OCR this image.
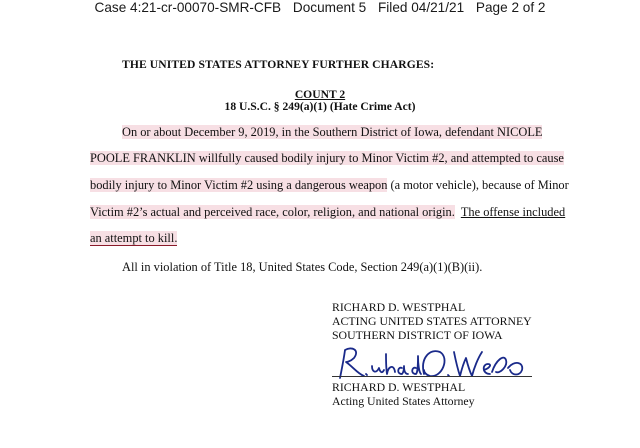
Case 4:21-cr-00070-SMR-CFB Document 5 Filed 04/21/21 Page 2 of 2
THE UNITED STATES ATTORNEY FURTHER CHARGES:
COUNT 2
18 U.S.C. § 249(a)(1) (Hate Crime Act)
On or about December 9, 2019, in the Southern District of Iowa, defendant NICOLE
POOLE FRANKLIN willfully caused bodily injury to Minor Victim #2, and attempted to cause
bodily injury to Minor Victim #2 using a dangerous weapon (a motor vehicle), because of Minor
Victim #2’s actual and perceived race, color, religion, and national origin. The offense included
an attempt to kill.
All in violation of Title 18, United States Code, Section 249(a)(1)(B)(ii).
RICHARD D. WESTPHAL
ACTING UNITED STATES ATTORNEY
SOUTHERN DISTRICT OF IOWA
RICHARD D. WESTPHAL
Acting United States Attorney
